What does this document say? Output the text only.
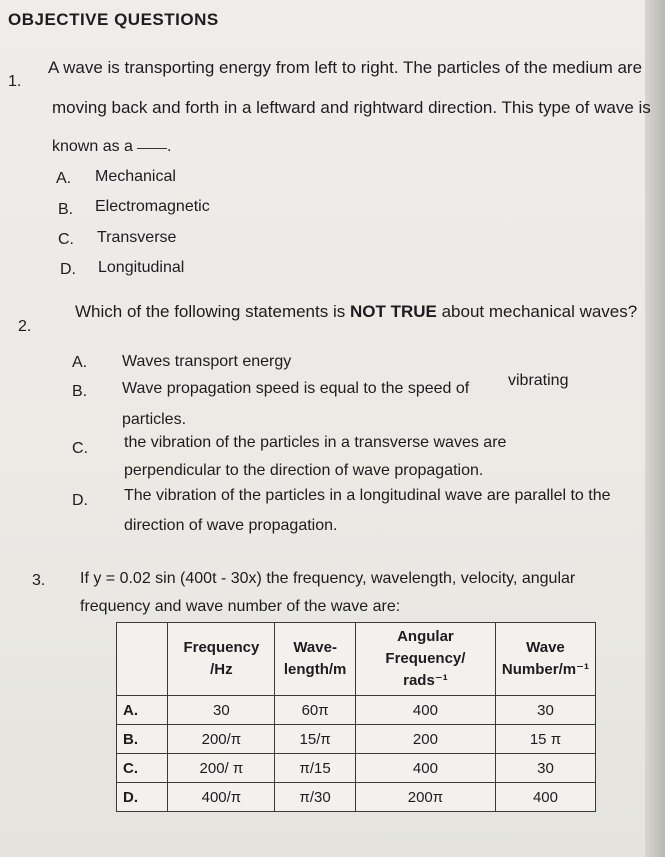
OBJECTIVE QUESTIONS
1.
A wave is transporting energy from left to right. The particles of the medium are
moving back and forth in a leftward and rightward direction. This type of wave is
known as a .
A. Mechanical
B. Electromagnetic
C. Transverse
D. Longitudinal
2.
Which of the following statements is NOT TRUE about mechanical waves?
A. Waves transport energy
B. Wave propagation speed is equal to the speed of vibrating
particles.
C. the vibration of the particles in a transverse waves are
perpendicular to the direction of wave propagation.
D. The vibration of the particles in a longitudinal wave are parallel to the
direction of wave propagation.
3. If y = 0.02 sin (400t - 30x) the frequency, wavelength, velocity, angular
frequency and wave number of the wave are:
	Frequency /Hz	Wave- length/m	Angular Frequency/ rads⁻¹	Wave Number/m⁻¹
A.	30	60π	400	30
B.	200/π	15/π	200	15 π
C.	200/ π	π/15	400	30
D.	400/π	π/30	200π	400
